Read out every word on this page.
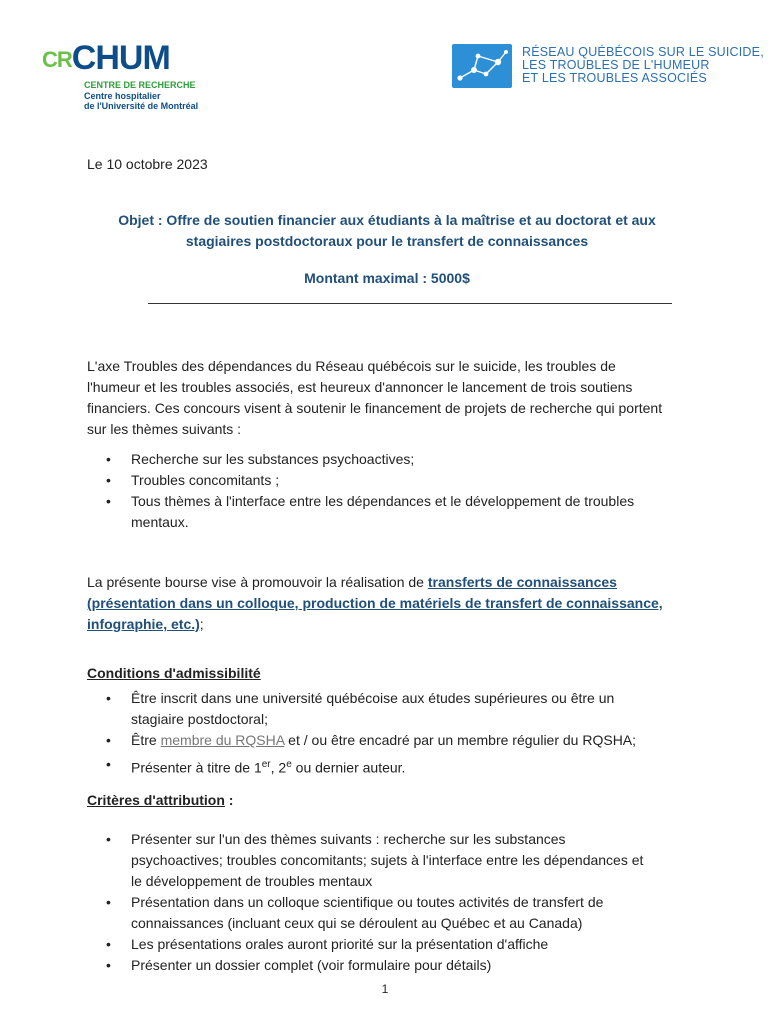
$^{CR}$CHUM
CENTRE DE RECHERCHE
Centre hospitalier
de l'Université de Montréal
RÉSEAU QUÉBÉCOIS SUR LE SUICIDE,
LES TROUBLES DE L'HUMEUR
ET LES TROUBLES ASSOCIÉS
Le 10 octobre 2023
Objet : Offre de soutien financier aux étudiants à la maîtrise et au doctorat et aux stagiaires postdoctoraux pour le transfert de connaissances
Montant maximal : 5000$
L'axe Troubles des dépendances du Réseau québécois sur le suicide, les troubles de l'humeur et les troubles associés, est heureux d'annoncer le lancement de trois soutiens financiers. Ces concours visent à soutenir le financement de projets de recherche qui portent sur les thèmes suivants :
• Recherche sur les substances psychoactives;
• Troubles concomitants ;
• Tous thèmes à l'interface entre les dépendances et le développement de troubles mentaux.
La présente bourse vise à promouvoir la réalisation de transferts de connaissances (présentation dans un colloque, production de matériels de transfert de connaissance, infographie, etc.);
Conditions d'admissibilité
• Être inscrit dans une université québécoise aux études supérieures ou être un stagiaire postdoctoral;
• Être membre du RQSHA et / ou être encadré par un membre régulier du RQSHA;
• Présenter à titre de 1er, 2e ou dernier auteur.
Critères d'attribution :
• Présenter sur l'un des thèmes suivants : recherche sur les substances psychoactives; troubles concomitants; sujets à l'interface entre les dépendances et le développement de troubles mentaux
• Présentation dans un colloque scientifique ou toutes activités de transfert de connaissances (incluant ceux qui se déroulent au Québec et au Canada)
• Les présentations orales auront priorité sur la présentation d'affiche
• Présenter un dossier complet (voir formulaire pour détails)
1
